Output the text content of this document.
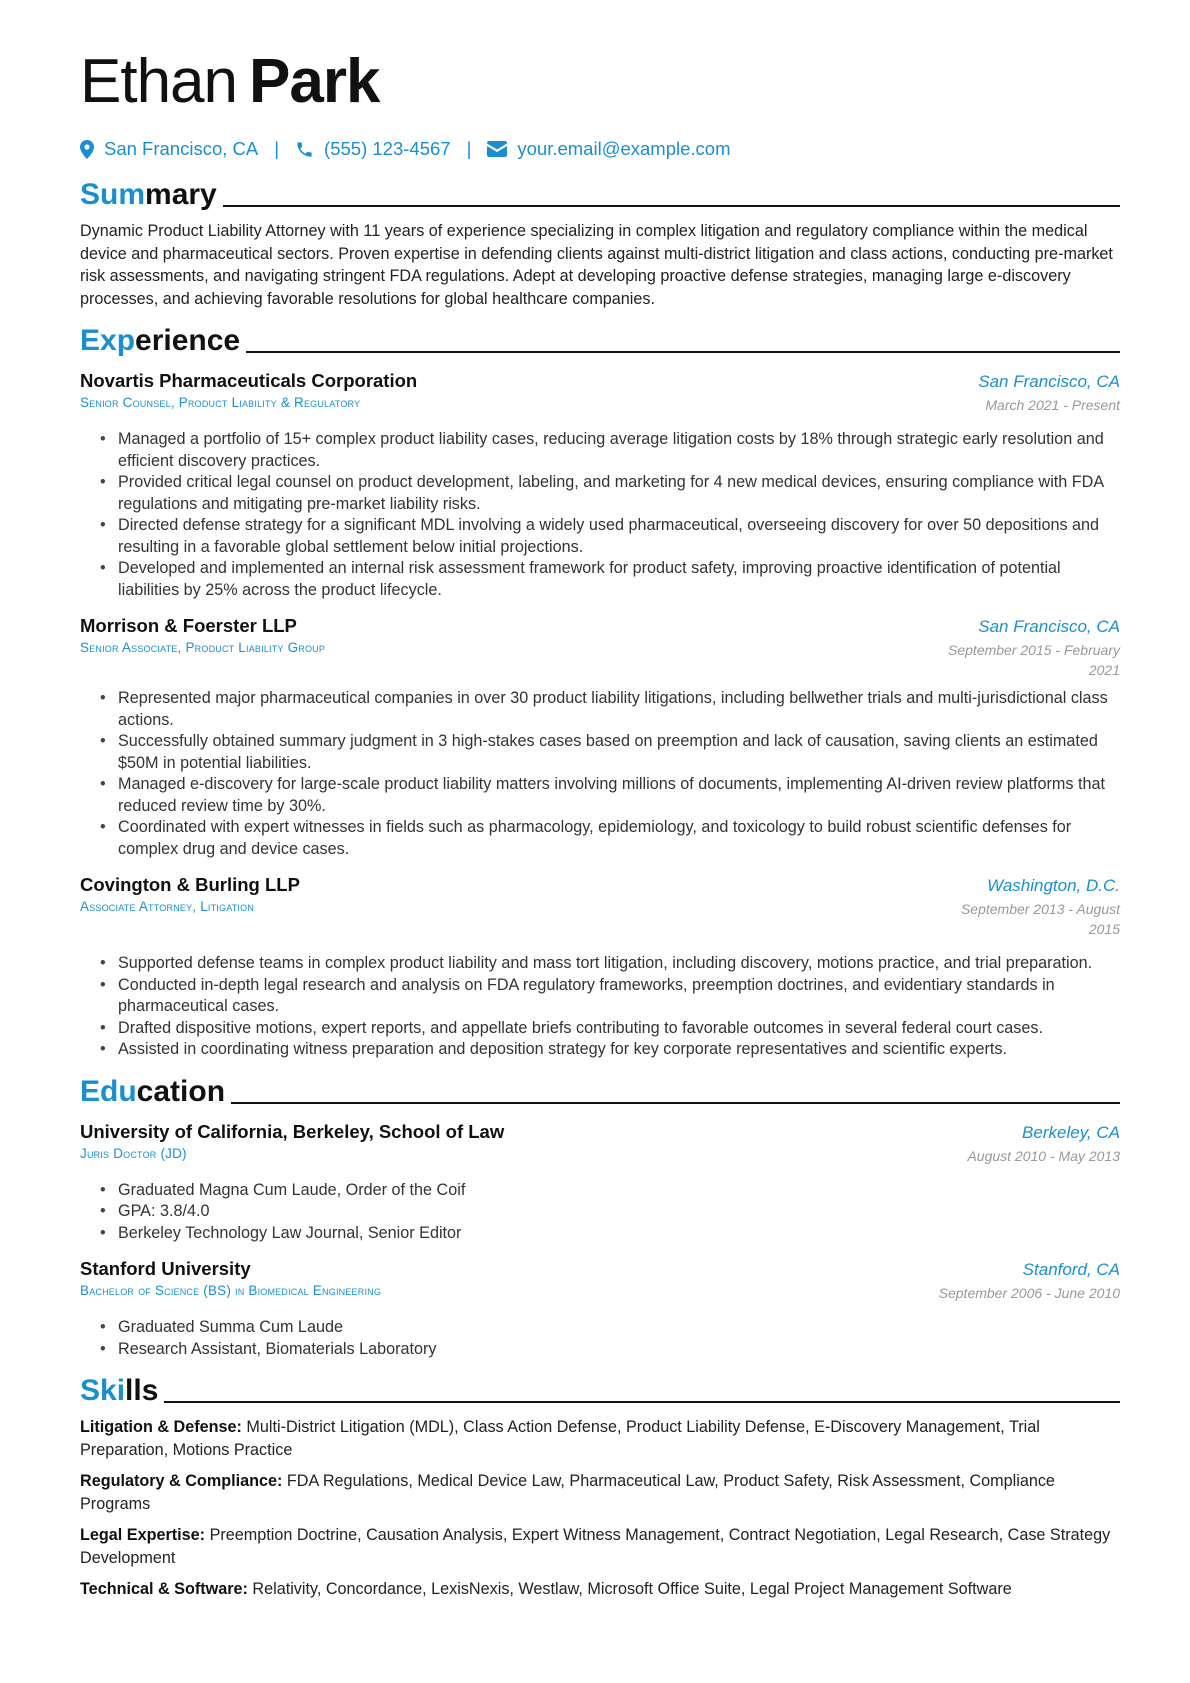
Ethan Park
San Francisco, CA | (555) 123-4567 | your.email@example.com
Summary

Dynamic Product Liability Attorney with 11 years of experience specializing in complex litigation and regulatory compliance within the medical device and pharmaceutical sectors. Proven expertise in defending clients against multi-district litigation and class actions, conducting pre-market risk assessments, and navigating stringent FDA regulations. Adept at developing proactive defense strategies, managing large e-discovery processes, and achieving favorable resolutions for global healthcare companies.

Experience
Novartis Pharmaceuticals Corporation	San Francisco, CA
Senior Counsel, Product Liability & Regulatory	March 2021 - Present
• Managed a portfolio of 15+ complex product liability cases, reducing average litigation costs by 18% through strategic early resolution and efficient discovery practices.
• Provided critical legal counsel on product development, labeling, and marketing for 4 new medical devices, ensuring compliance with FDA regulations and mitigating pre-market liability risks.
• Directed defense strategy for a significant MDL involving a widely used pharmaceutical, overseeing discovery for over 50 depositions and resulting in a favorable global settlement below initial projections.
• Developed and implemented an internal risk assessment framework for product safety, improving proactive identification of potential liabilities by 25% across the product lifecycle.
Morrison & Foerster LLP	San Francisco, CA
Senior Associate, Product Liability Group	September 2015 - February 2021
• Represented major pharmaceutical companies in over 30 product liability litigations, including bellwether trials and multi-jurisdictional class actions.
• Successfully obtained summary judgment in 3 high-stakes cases based on preemption and lack of causation, saving clients an estimated $50M in potential liabilities.
• Managed e-discovery for large-scale product liability matters involving millions of documents, implementing AI-driven review platforms that reduced review time by 30%.
• Coordinated with expert witnesses in fields such as pharmacology, epidemiology, and toxicology to build robust scientific defenses for complex drug and device cases.
Covington & Burling LLP	Washington, D.C.
Associate Attorney, Litigation	September 2013 - August 2015
• Supported defense teams in complex product liability and mass tort litigation, including discovery, motions practice, and trial preparation.
• Conducted in-depth legal research and analysis on FDA regulatory frameworks, preemption doctrines, and evidentiary standards in pharmaceutical cases.
• Drafted dispositive motions, expert reports, and appellate briefs contributing to favorable outcomes in several federal court cases.
• Assisted in coordinating witness preparation and deposition strategy for key corporate representatives and scientific experts.
Education
University of California, Berkeley, School of Law	Berkeley, CA
Juris Doctor (JD)	August 2010 - May 2013
• Graduated Magna Cum Laude, Order of the Coif
• GPA: 3.8/4.0
• Berkeley Technology Law Journal, Senior Editor
Stanford University	Stanford, CA
Bachelor of Science (BS) in Biomedical Engineering	September 2006 - June 2010
• Graduated Summa Cum Laude
• Research Assistant, Biomaterials Laboratory
Skills
Litigation & Defense: Multi-District Litigation (MDL), Class Action Defense, Product Liability Defense, E-Discovery Management, Trial Preparation, Motions Practice
Regulatory & Compliance: FDA Regulations, Medical Device Law, Pharmaceutical Law, Product Safety, Risk Assessment, Compliance Programs
Legal Expertise: Preemption Doctrine, Causation Analysis, Expert Witness Management, Contract Negotiation, Legal Research, Case Strategy Development
Technical & Software: Relativity, Concordance, LexisNexis, Westlaw, Microsoft Office Suite, Legal Project Management Software
